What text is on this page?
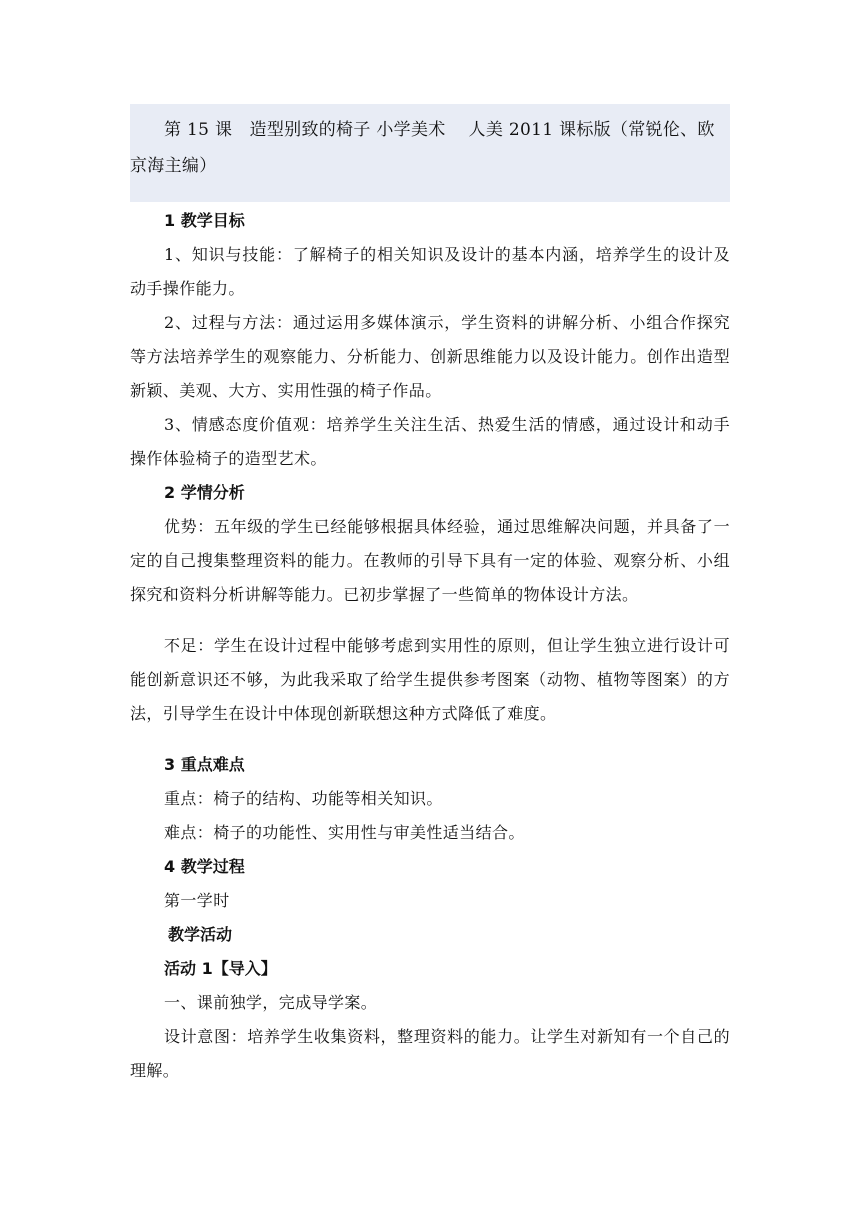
第 15 课　造型别致的椅子 小学美术　 人美 2011 课标版（常锐伦、欧京海主编）

1 教学目标

1、知识与技能：了解椅子的相关知识及设计的基本内涵，培养学生的设计及动手操作能力。

2、过程与方法：通过运用多媒体演示，学生资料的讲解分析、小组合作探究等方法培养学生的观察能力、分析能力、创新思维能力以及设计能力。创作出造型新颖、美观、大方、实用性强的椅子作品。

3、情感态度价值观：培养学生关注生活、热爱生活的情感，通过设计和动手操作体验椅子的造型艺术。

2 学情分析

优势：五年级的学生已经能够根据具体经验，通过思维解决问题，并具备了一定的自己搜集整理资料的能力。在教师的引导下具有一定的体验、观察分析、小组探究和资料分析讲解等能力。已初步掌握了一些简单的物体设计方法。

不足：学生在设计过程中能够考虑到实用性的原则，但让学生独立进行设计可能创新意识还不够，为此我采取了给学生提供参考图案（动物、植物等图案）的方法，引导学生在设计中体现创新联想这种方式降低了难度。

3 重点难点

重点：椅子的结构、功能等相关知识。

难点：椅子的功能性、实用性与审美性适当结合。

4 教学过程

第一学时

教学活动

活动 1【导入】

一、课前独学，完成导学案。

设计意图：培养学生收集资料，整理资料的能力。让学生对新知有一个自己的理解。
